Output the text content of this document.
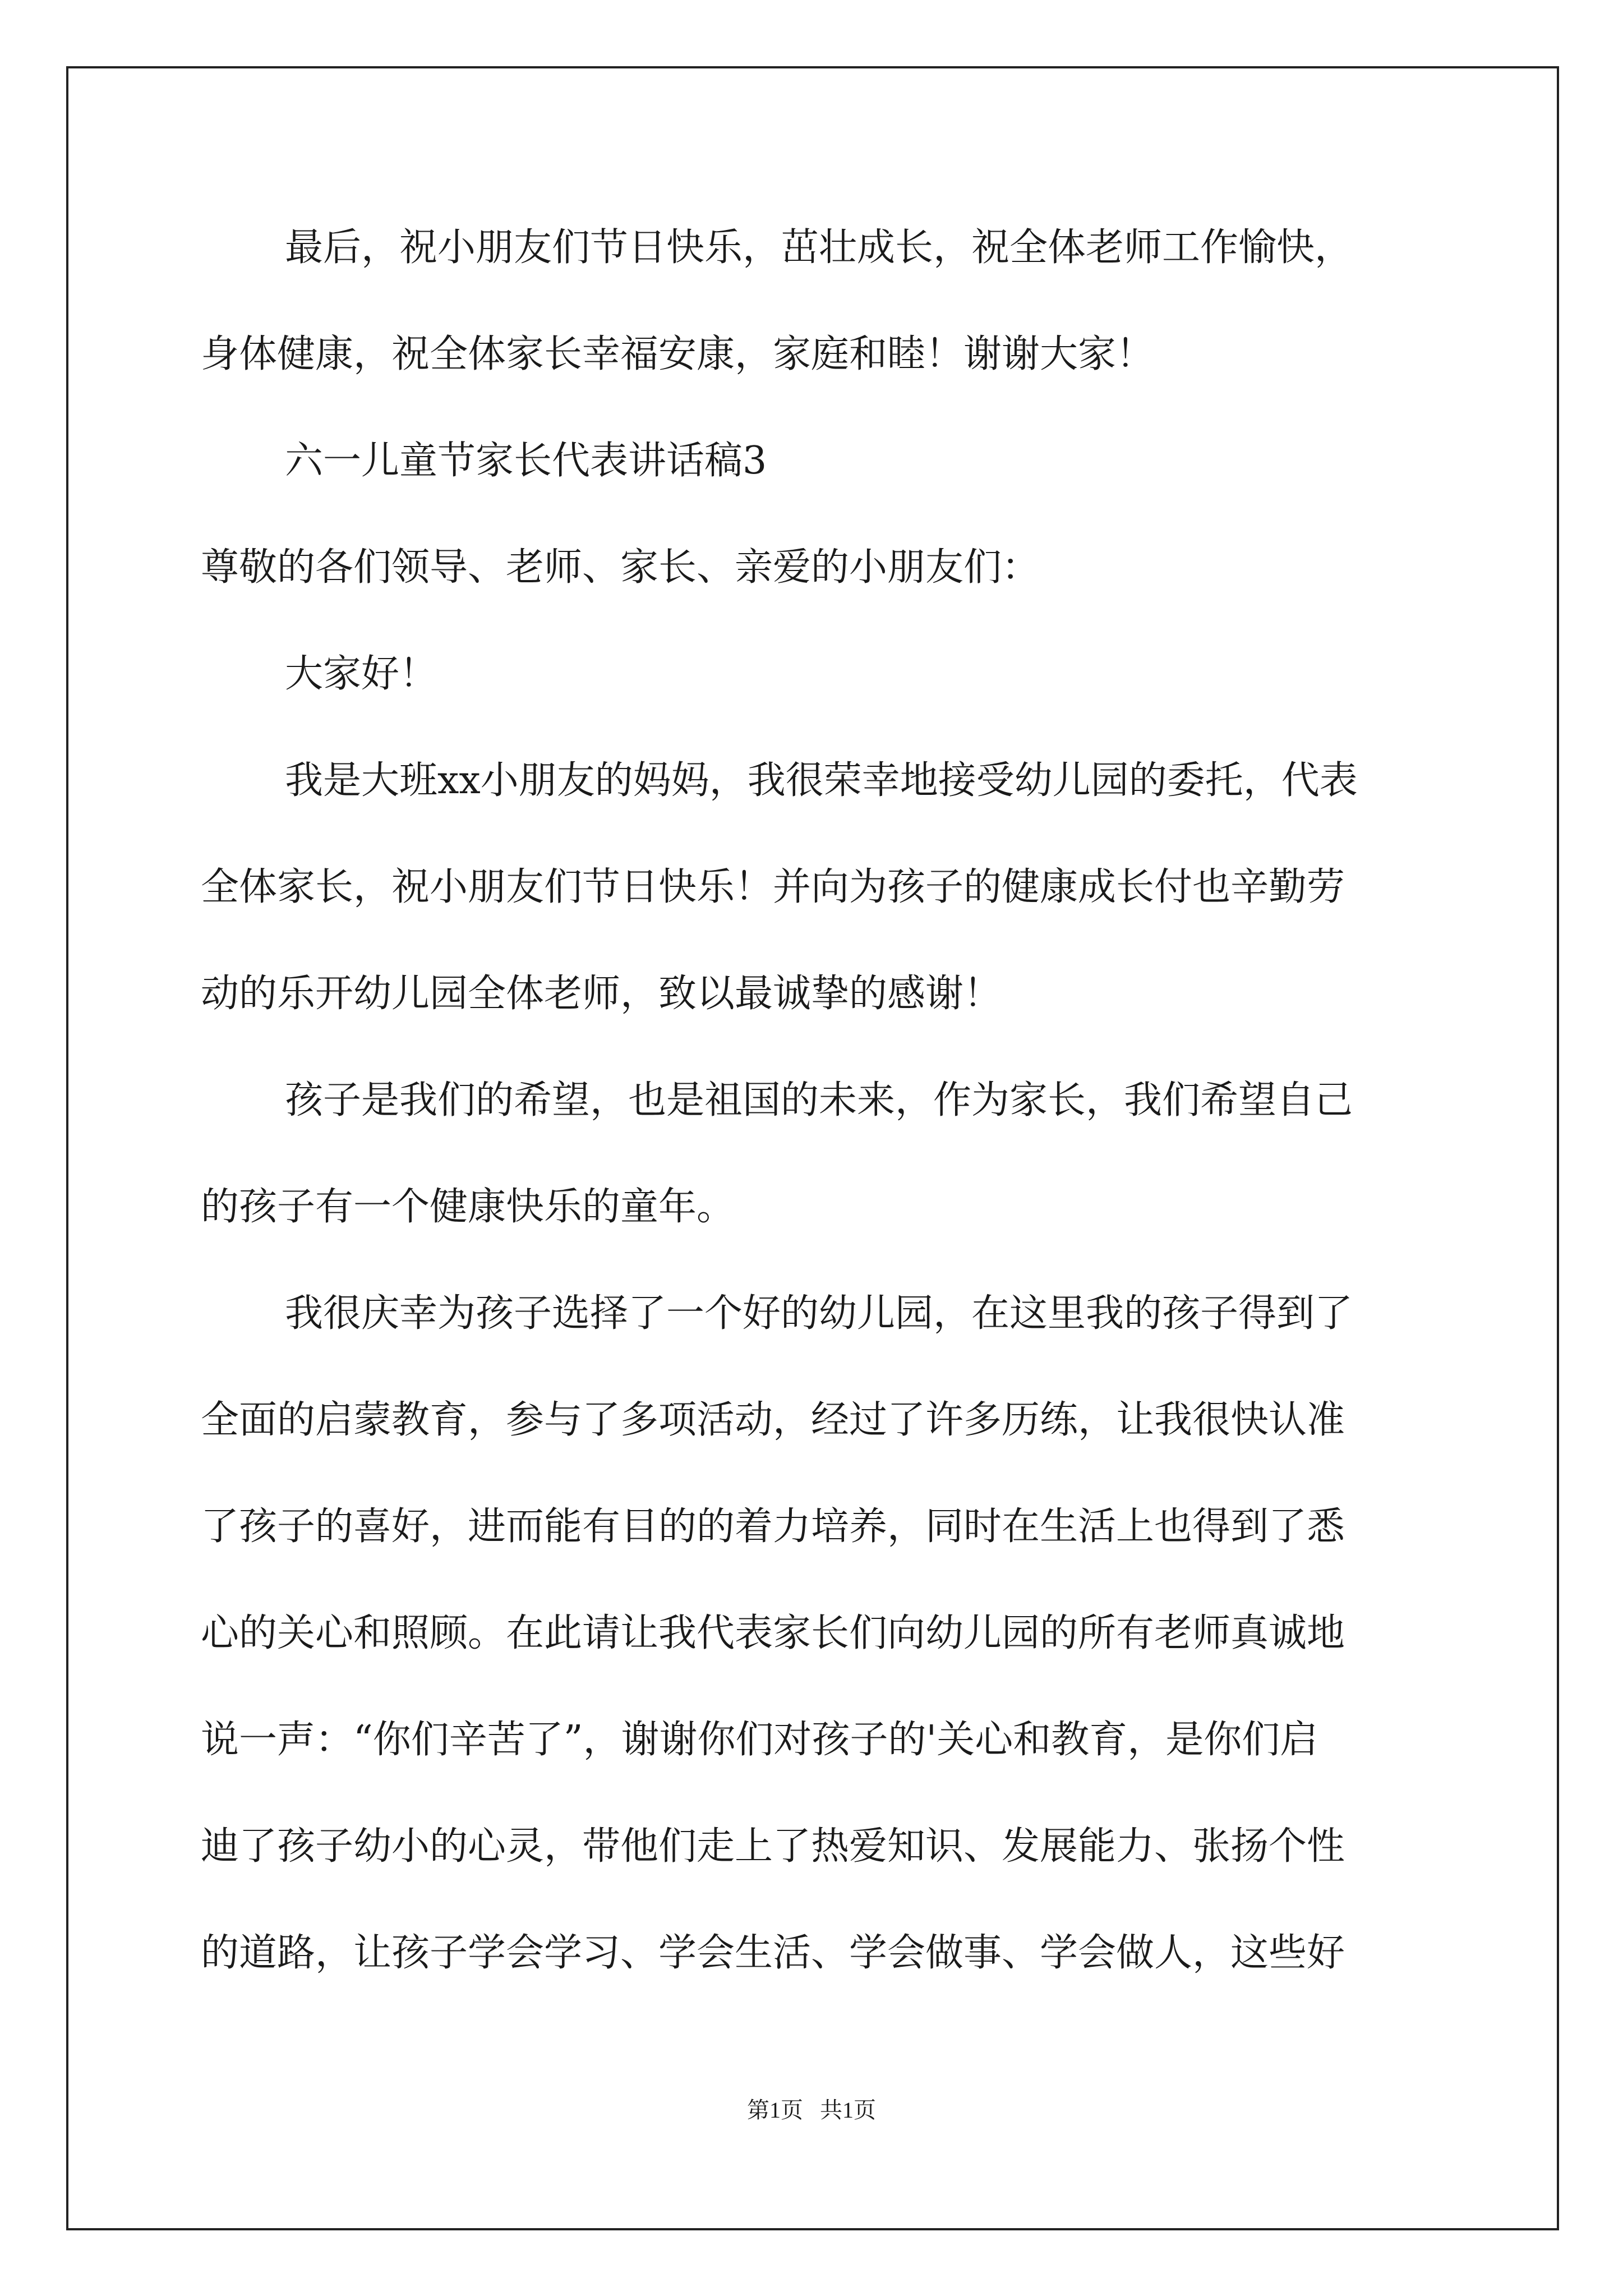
最后，祝小朋友们节日快乐，茁壮成长，祝全体老师工作愉快，
身体健康，祝全体家长幸福安康，家庭和睦！谢谢大家！
六一儿童节家长代表讲话稿3
尊敬的各们领导、老师、家长、亲爱的小朋友们：
大家好！
我是大班xx小朋友的妈妈，我很荣幸地接受幼儿园的委托，代表
全体家长，祝小朋友们节日快乐！并向为孩子的健康成长付也辛勤劳
动的乐开幼儿园全体老师，致以最诚挚的感谢！
孩子是我们的希望，也是祖国的未来，作为家长，我们希望自己
的孩子有一个健康快乐的童年。
我很庆幸为孩子选择了一个好的幼儿园，在这里我的孩子得到了
全面的启蒙教育，参与了多项活动，经过了许多历练，让我很快认准
了孩子的喜好，进而能有目的的着力培养，同时在生活上也得到了悉
心的关心和照顾。在此请让我代表家长们向幼儿园的所有老师真诚地
说一声：“你们辛苦了”，谢谢你们对孩子的'关心和教育，是你们启
迪了孩子幼小的心灵，带他们走上了热爱知识、发展能力、张扬个性
的道路，让孩子学会学习、学会生活、学会做事、学会做人，这些好
第1页   共1页
